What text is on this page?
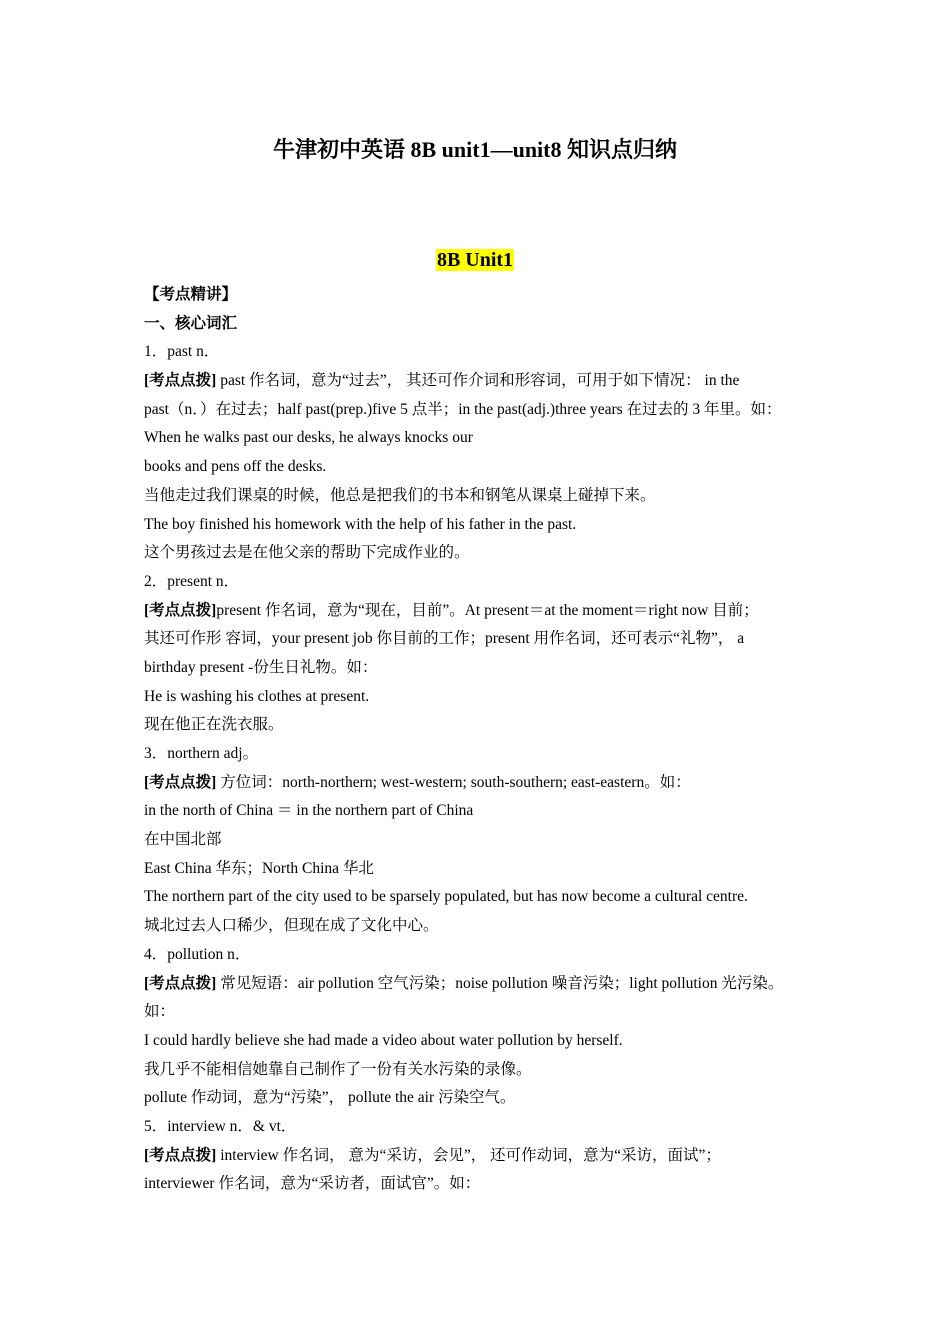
牛津初中英语 8B unit1—unit8 知识点归纳
8B Unit1
【考点精讲】
一、核心词汇
1．past n．
[考点点拨] past 作名词，意为“过去”， 其还可作介词和形容词，可用于如下情况： in the
past（n．）在过去；half past(prep.)five 5 点半；in the past(adj.)three years 在过去的 3 年里。如：
When he walks past our desks, he always knocks our
books and pens off the desks.
当他走过我们课桌的时候，他总是把我们的书本和钢笔从课桌上碰掉下来。
The boy finished his homework with the help of his father in the past.
这个男孩过去是在他父亲的帮助下完成作业的。
2．present n．
[考点点拨]present 作名词，意为“现在，目前”。At present＝at the moment＝right now 目前；
其还可作形 容词，your present job 你目前的工作；present 用作名词，还可表示“礼物”， a
birthday present -份生日礼物。如：
He is washing his clothes at present.
现在他正在洗衣服。
3．northern adj。
[考点点拨] 方位词：north-northern; west-western; south-southern; east-eastern。如：
in the north of China ＝ in the northern part of China
在中国北部
East China 华东；North China 华北
The northern part of the city used to be sparsely populated, but has now become a cultural centre.
城北过去人口稀少，但现在成了文化中心。
4．pollution n．
[考点点拨] 常见短语：air pollution 空气污染；noise pollution 噪音污染；light pollution 光污染。
如：
I could hardly believe she had made a video about water pollution by herself.
我几乎不能相信她靠自己制作了一份有关水污染的录像。
pollute 作动词，意为“污染”， pollute the air 污染空气。
5．interview n．& vt．
[考点点拨] interview 作名词， 意为“采访，会见”， 还可作动词，意为“采访，面试”；
interviewer 作名词，意为“采访者，面试官”。如：
